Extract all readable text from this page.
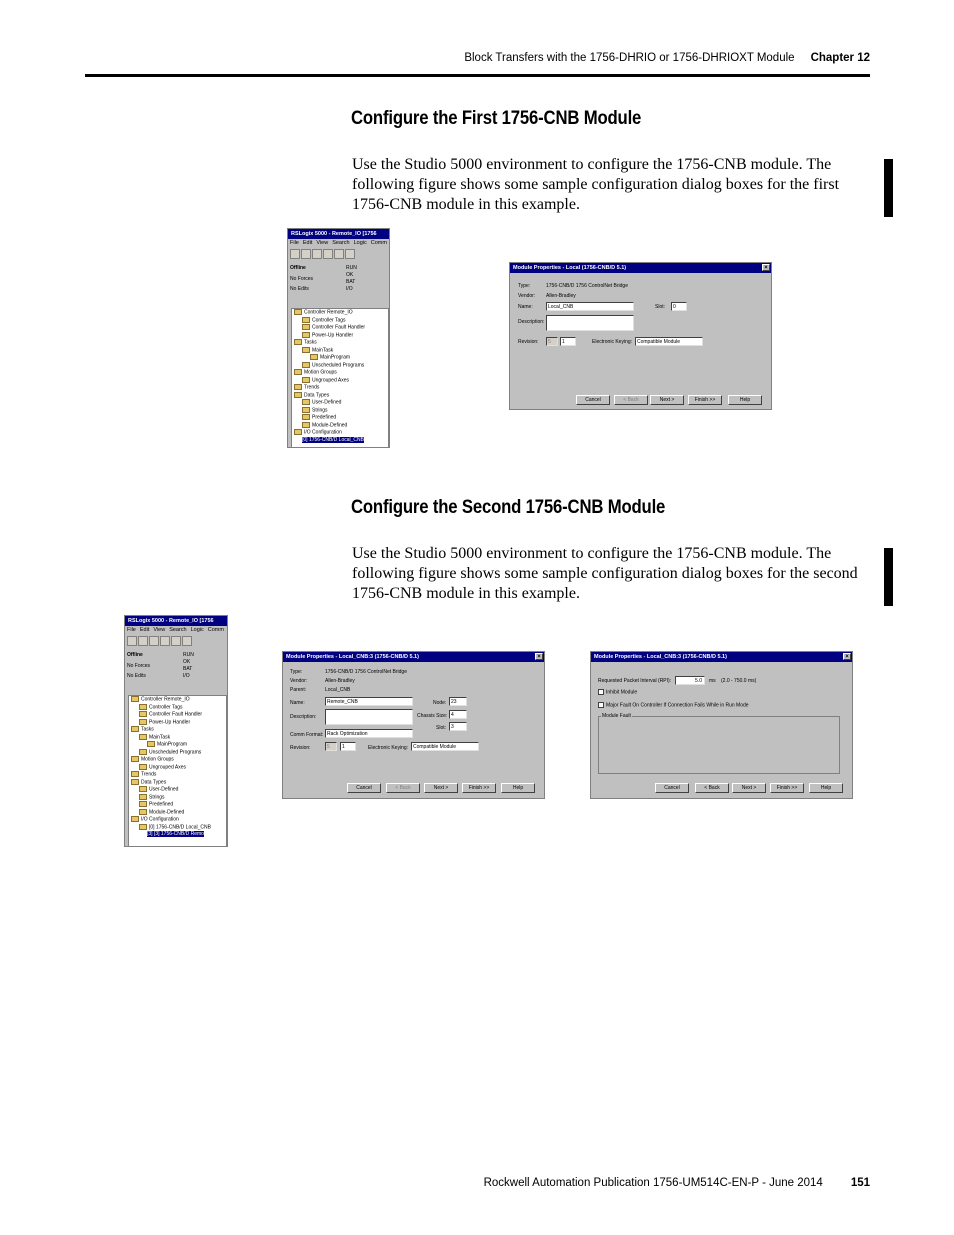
Block Transfers with the 1756-DHRIO or 1756-DHRIOXT Module Chapter 12
Configure the First 1756-CNB Module
Use the Studio 5000 environment to configure the 1756-CNB module. The following figure shows some sample configuration dialog boxes for the first 1756-CNB module in this example.
RSLogix 5000 - Remote_IO [1756
File Edit View Search Logic Comm
Offline
No Forces
No Edits
RUN
OK
BAT
I/O
Controller Remote_IO
Controller Tags
Controller Fault Handler
Power-Up Handler
Tasks
MainTask
MainProgram
Unscheduled Programs
Motion Groups
Ungrouped Axes
Trends
Data Types
User-Defined
Strings
Predefined
Module-Defined
I/O Configuration
[0] 1756-CNB/D Local_CNB
Module Properties - Local (1756-CNB/D 5.1)	×
Type:	1756-CNB/D 1756 ControlNet Bridge
Vendor: Allen-Bradley
Name:	Local_CNB	Slot:	0
Description:
Revision:	5	1	Electronic Keying: Compatible Module
Cancel	< Back	Next >	Finish >>	Help
Configure the Second 1756-CNB Module
Use the Studio 5000 environment to configure the 1756-CNB module. The following figure shows some sample configuration dialog boxes for the second 1756-CNB module in this example.
RSLogix 5000 - Remote_IO [1756
File Edit View Search Logic Comm
Offline
No Forces
No Edits
RUN
OK
BAT
I/O
Controller Remote_IO
Controller Tags
Controller Fault Handler
Power-Up Handler
Tasks
MainTask
MainProgram
Unscheduled Programs
Motion Groups
Ungrouped Axes
Trends
Data Types
User-Defined
Strings
Predefined
Module-Defined
I/O Configuration
[0] 1756-CNB/D Local_CNB
[3] [3] 1756-CNB/D Remo
Module Properties - Local_CNB:3 (1756-CNB/D 5.1)	×
Type:	1756-CNB/D 1756 ControlNet Bridge
Vendor:	Allen-Bradley
Parent:	Local_CNB
Name:	Remote_CNB	Node: 23
Description:	Chassis Size: 4
Slot: 3
Comm Format: Rack Optimization
Revision:	5	1	Electronic Keying: Compatible Module
Cancel	< Back	Next >	Finish >>	Help
Module Properties - Local_CNB:3 (1756-CNB/D 5.1)	×
Requested Packet Interval (RPI):	5.0	ms (2.0 - 750.0 ms)
Inhibit Module
Major Fault On Controller If Connection Fails While in Run Mode
Module Fault
Cancel	< Back	Next >	Finish >>	Help
Rockwell Automation Publication 1756-UM514C-EN-P - June 2014 151
